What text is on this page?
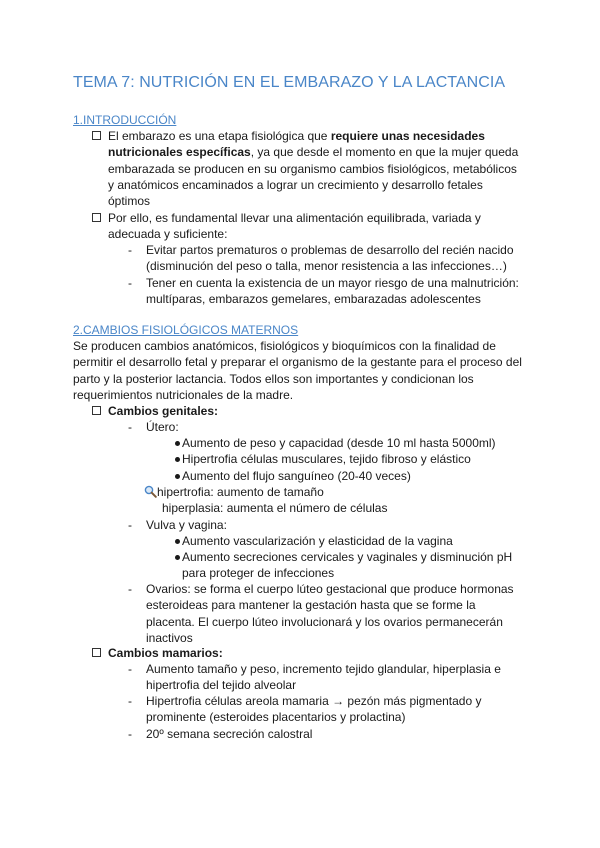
TEMA 7: NUTRICIÓN EN EL EMBARAZO Y LA LACTANCIA
1.INTRODUCCIÓN
El embarazo es una etapa fisiológica que requiere unas necesidades
nutricionales específicas, ya que desde el momento en que la mujer queda
embarazada se producen en su organismo cambios fisiológicos, metabólicos
y anatómicos encaminados a lograr un crecimiento y desarrollo fetales
óptimos
Por ello, es fundamental llevar una alimentación equilibrada, variada y
adecuada y suficiente:
- Evitar partos prematuros o problemas de desarrollo del recién nacido
(disminución del peso o talla, menor resistencia a las infecciones…)
- Tener en cuenta la existencia de un mayor riesgo de una malnutrición:
multíparas, embarazos gemelares, embarazadas adolescentes
2.CAMBIOS FISIOLÓGICOS MATERNOS
Se producen cambios anatómicos, fisiológicos y bioquímicos con la finalidad de
permitir el desarrollo fetal y preparar el organismo de la gestante para el proceso del
parto y la posterior lactancia. Todos ellos son importantes y condicionan los
requerimientos nutricionales de la madre.
Cambios genitales:
- Útero:
Aumento de peso y capacidad (desde 10 ml hasta 5000ml)
Hipertrofia células musculares, tejido fibroso y elástico
Aumento del flujo sanguíneo (20-40 veces)
hipertrofia: aumento de tamaño
hiperplasia: aumenta el número de células
- Vulva y vagina:
Aumento vascularización y elasticidad de la vagina
Aumento secreciones cervicales y vaginales y disminución pH
para proteger de infecciones
- Ovarios: se forma el cuerpo lúteo gestacional que produce hormonas
esteroideas para mantener la gestación hasta que se forme la
placenta. El cuerpo lúteo involucionará y los ovarios permanecerán
inactivos
Cambios mamarios:
- Aumento tamaño y peso, incremento tejido glandular, hiperplasia e
hipertrofia del tejido alveolar
- Hipertrofia células areola mamaria → pezón más pigmentado y
prominente (esteroides placentarios y prolactina)
- 20º semana secreción calostral
